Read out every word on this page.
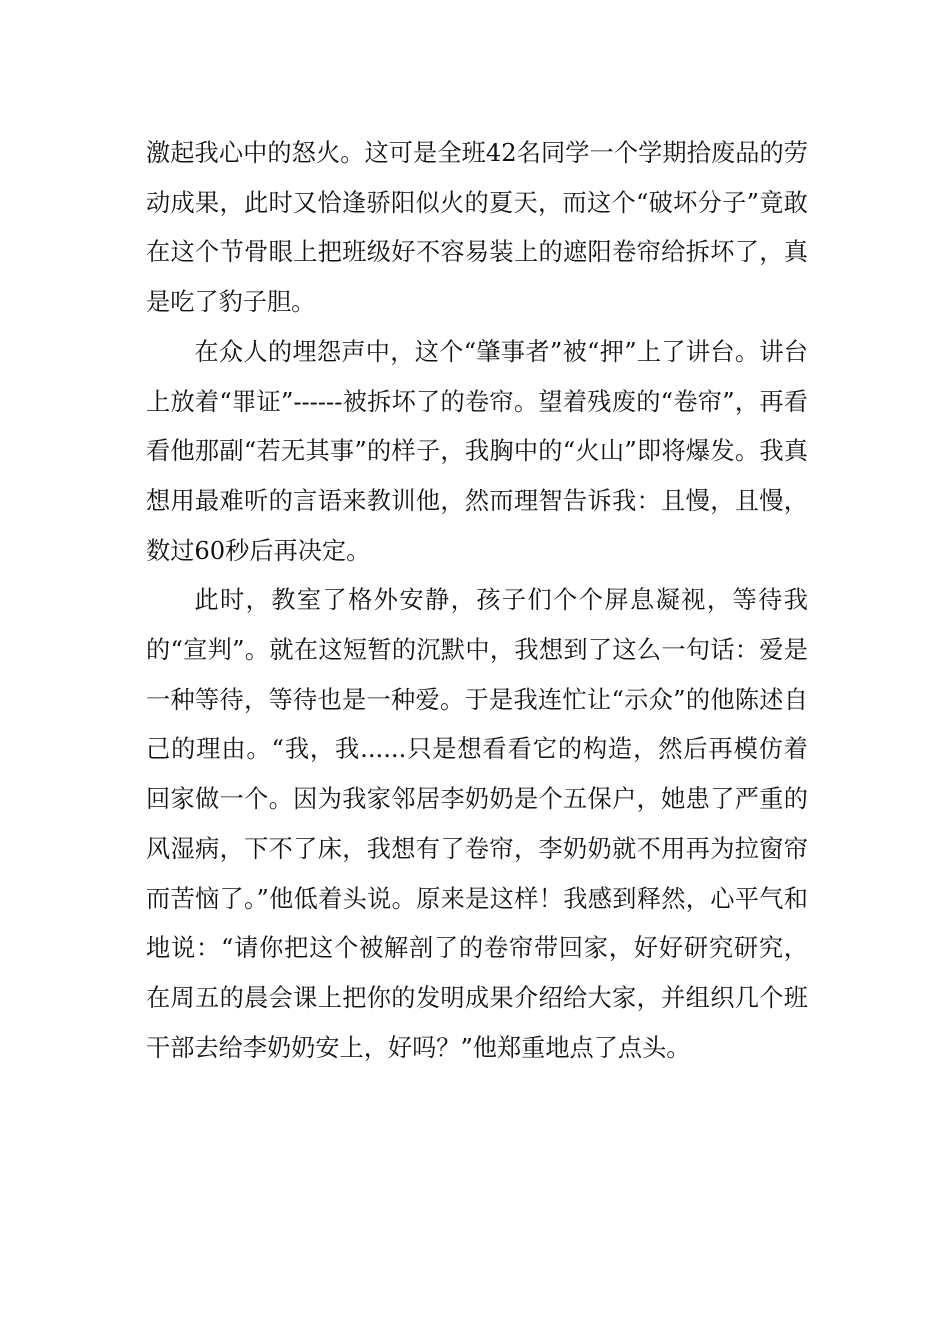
激起我心中的怒火。这可是全班42名同学一个学期拾废品的劳动成果，此时又恰逢骄阳似火的夏天，而这个“破坏分子”竟敢在这个节骨眼上把班级好不容易装上的遮阳卷帘给拆坏了，真是吃了豹子胆。

在众人的埋怨声中，这个“肇事者”被“押”上了讲台。讲台上放着“罪证”------被拆坏了的卷帘。望着残废的“卷帘”，再看看他那副“若无其事”的样子，我胸中的“火山”即将爆发。我真想用最难听的言语来教训他，然而理智告诉我：且慢，且慢，数过60秒后再决定。

此时，教室了格外安静，孩子们个个屏息凝视，等待我的“宣判”。就在这短暂的沉默中，我想到了这么一句话：爱是一种等待，等待也是一种爱。于是我连忙让“示众”的他陈述自己的理由。“我，我......只是想看看它的构造，然后再模仿着回家做一个。因为我家邻居李奶奶是个五保户，她患了严重的风湿病，下不了床，我想有了卷帘，李奶奶就不用再为拉窗帘而苦恼了。”他低着头说。原来是这样！我感到释然，心平气和地说：“请你把这个被解剖了的卷帘带回家，好好研究研究，在周五的晨会课上把你的发明成果介绍给大家，并组织几个班干部去给李奶奶安上，好吗？”他郑重地点了点头。
